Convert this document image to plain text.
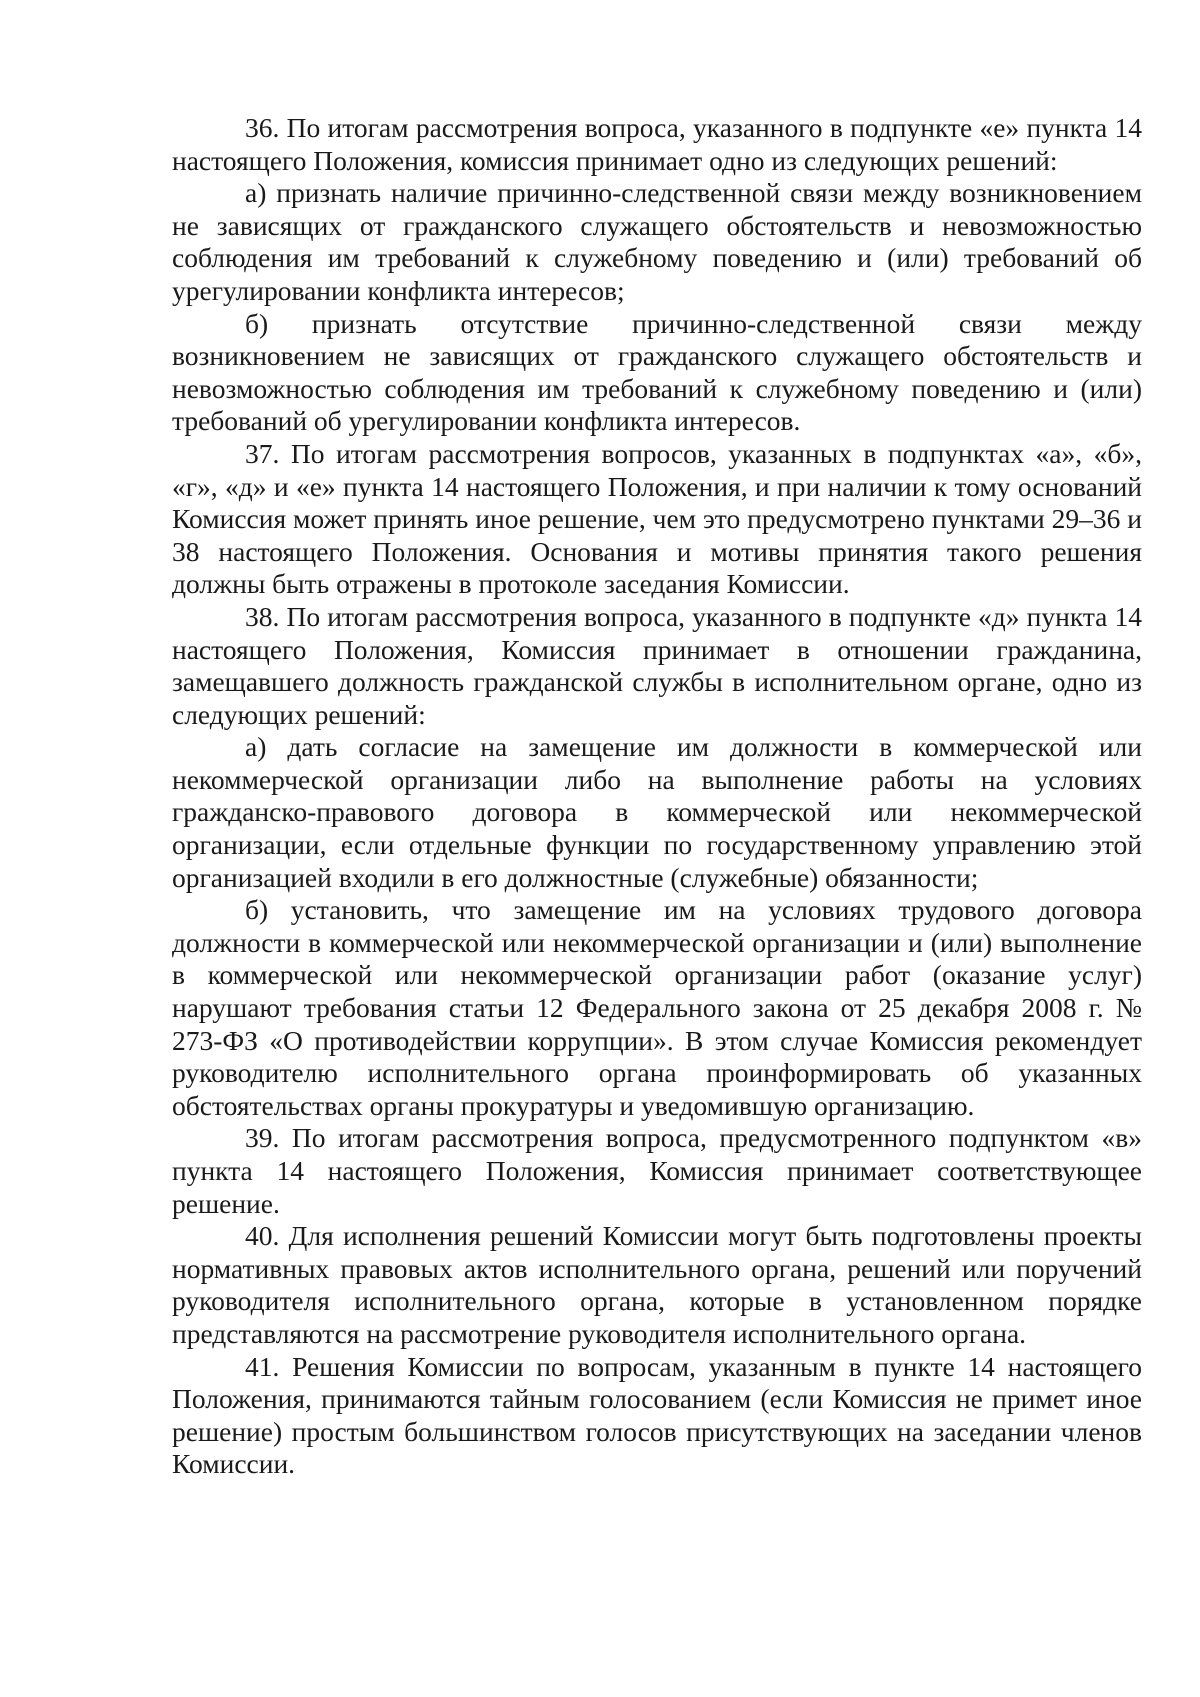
36. По итогам рассмотрения вопроса, указанного в подпункте «е» пункта 14 настоящего Положения, комиссия принимает одно из следующих решений:

а) признать наличие причинно-следственной связи между возникновением не зависящих от гражданского служащего обстоятельств и невозможностью соблюдения им требований к служебному поведению и (или) требований об урегулировании конфликта интересов;

б) признать отсутствие причинно-следственной связи между возникновением не зависящих от гражданского служащего обстоятельств и невозможностью соблюдения им требований к служебному поведению и (или) требований об урегулировании конфликта интересов.

37. По итогам рассмотрения вопросов, указанных в подпунктах «а», «б», «г», «д» и «е» пункта 14 настоящего Положения, и при наличии к тому оснований Комиссия может принять иное решение, чем это предусмотрено пунктами 29–36 и 38 настоящего Положения. Основания и мотивы принятия такого решения должны быть отражены в протоколе заседания Комиссии.

38. По итогам рассмотрения вопроса, указанного в подпункте «д» пункта 14 настоящего Положения, Комиссия принимает в отношении гражданина, замещавшего должность гражданской службы в исполнительном органе, одно из следующих решений:

а) дать согласие на замещение им должности в коммерческой или некоммерческой организации либо на выполнение работы на условиях гражданско-правового договора в коммерческой или некоммерческой организации, если отдельные функции по государственному управлению этой организацией входили в его должностные (служебные) обязанности;

б) установить, что замещение им на условиях трудового договора должности в коммерческой или некоммерческой организации и (или) выполнение в коммерческой или некоммерческой организации работ (оказание услуг) нарушают требования статьи 12 Федерального закона от 25 декабря 2008 г. № 273-ФЗ «О противодействии коррупции». В этом случае Комиссия рекомендует руководителю исполнительного органа проинформировать об указанных обстоятельствах органы прокуратуры и уведомившую организацию.

39. По итогам рассмотрения вопроса, предусмотренного подпунктом «в» пункта 14 настоящего Положения, Комиссия принимает соответствующее решение.

40. Для исполнения решений Комиссии могут быть подготовлены проекты нормативных правовых актов исполнительного органа, решений или поручений руководителя исполнительного органа, которые в установленном порядке представляются на рассмотрение руководителя исполнительного органа.

41. Решения Комиссии по вопросам, указанным в пункте 14 настоящего Положения, принимаются тайным голосованием (если Комиссия не примет иное решение) простым большинством голосов присутствующих на заседании членов Комиссии.
